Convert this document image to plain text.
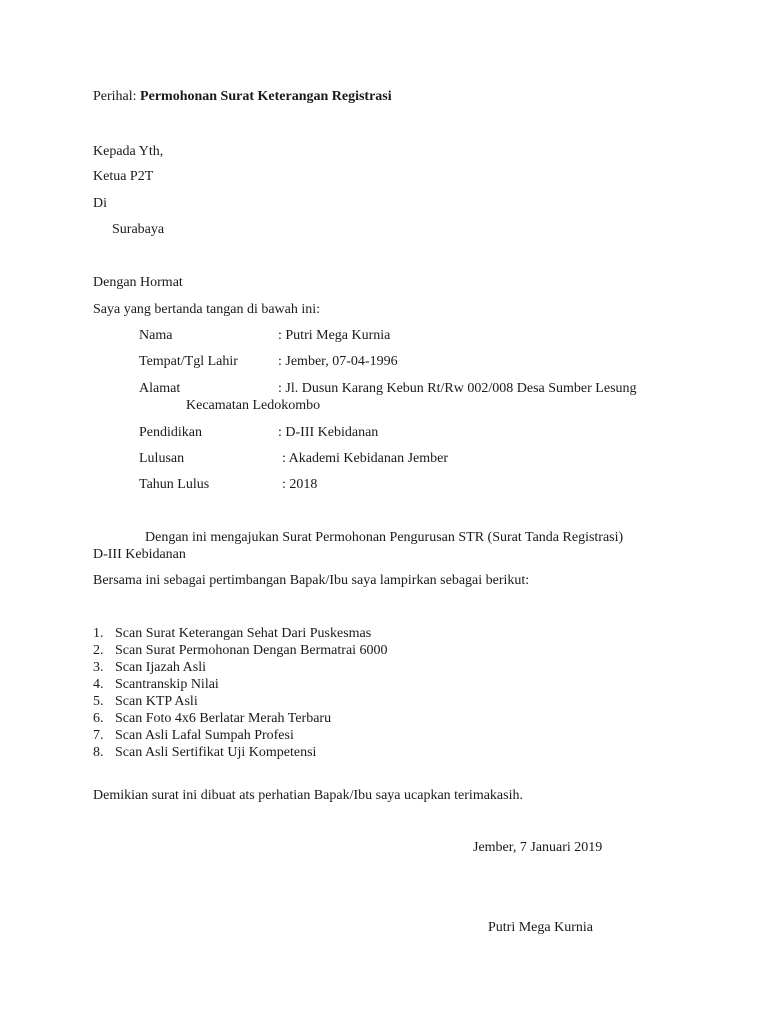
Perihal: Permohonan Surat Keterangan Registrasi
Kepada Yth,
Ketua P2T
Di
Surabaya
Dengan Hormat
Saya yang bertanda tangan di bawah ini:
Nama	: Putri Mega Kurnia
Tempat/Tgl Lahir	: Jember, 07-04-1996
Alamat	: Jl. Dusun Karang Kebun Rt/Rw 002/008 Desa Sumber Lesung
Kecamatan Ledokombo
Pendidikan	: D-III Kebidanan
Lulusan	: Akademi Kebidanan Jember
Tahun Lulus	: 2018
Dengan ini mengajukan Surat Permohonan Pengurusan STR (Surat Tanda Registrasi)
D-III Kebidanan
Bersama ini sebagai pertimbangan Bapak/Ibu saya lampirkan sebagai berikut:
1. Scan Surat Keterangan Sehat Dari Puskesmas
2. Scan Surat Permohonan Dengan Bermatrai 6000
3. Scan Ijazah Asli
4. Scantranskip Nilai
5. Scan KTP Asli
6. Scan Foto 4x6 Berlatar Merah Terbaru
7. Scan Asli Lafal Sumpah Profesi
8. Scan Asli Sertifikat Uji Kompetensi
Demikian surat ini dibuat ats perhatian Bapak/Ibu saya ucapkan terimakasih.
Jember, 7 Januari 2019
Putri Mega Kurnia
